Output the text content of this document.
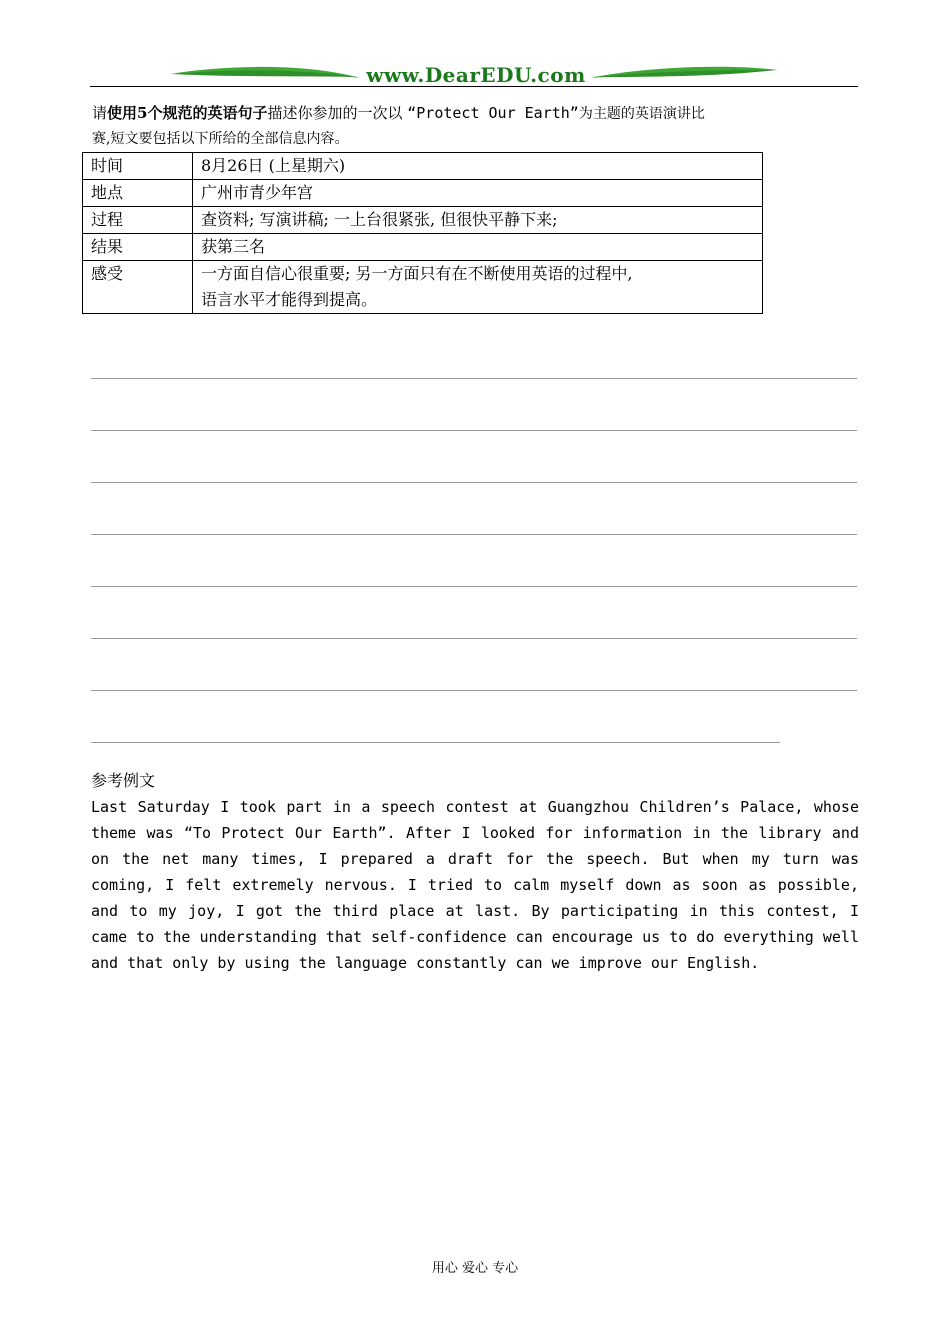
www.DearEDU.com
请使用5个规范的英语句子描述你参加的一次以 “Protect Our Earth”为主题的英语演讲比
赛,短文要包括以下所给的全部信息内容。
时间	8月26日 (上星期六)
地点	广州市青少年宫
过程	查资料; 写演讲稿; 一上台很紧张, 但很快平静下来;
结果	获第三名
感受	一方面自信心很重要; 另一方面只有在不断使用英语的过程中,
语言水平才能得到提高。
参考例文
Last Saturday I took part in a speech contest at Guangzhou Children’s Palace, whose theme was “To Protect Our Earth”. After I looked for information in the library and on the net many times, I prepared a draft for the speech. But when my turn was coming, I felt extremely nervous. I tried to calm myself down as soon as possible, and to my joy, I got the third place at last. By participating in this contest, I came to the understanding that self-confidence can encourage us to do everything well and that only by using the language constantly can we improve our English.
用心 爱心 专心
